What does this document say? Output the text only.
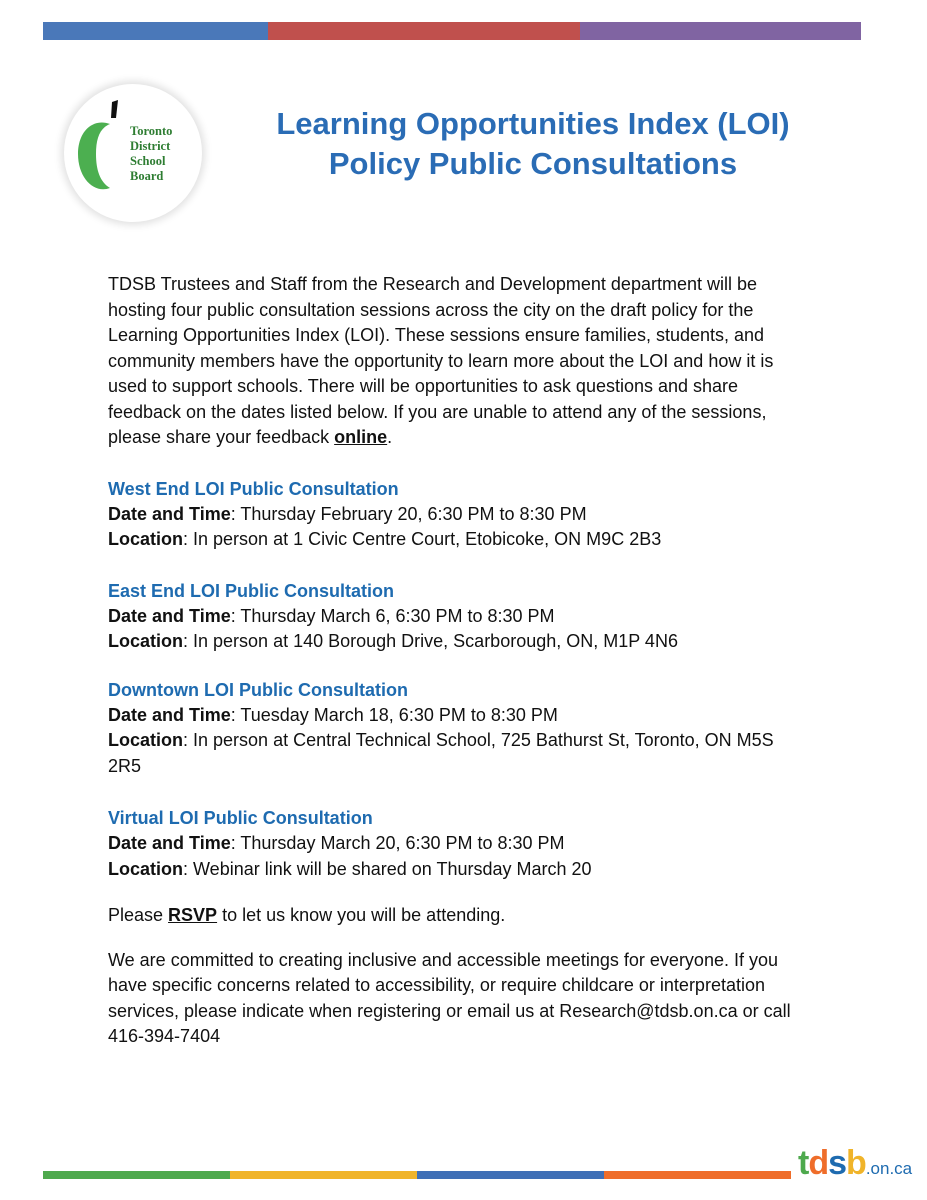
Toronto
District
School
Board
Learning Opportunities Index (LOI)
Policy Public Consultations

TDSB Trustees and Staff from the Research and Development department will be hosting four public consultation sessions across the city on the draft policy for the Learning Opportunities Index (LOI). These sessions ensure families, students, and community members have the opportunity to learn more about the LOI and how it is used to support schools. There will be opportunities to ask questions and share feedback on the dates listed below. If you are unable to attend any of the sessions, please share your feedback online.

West End LOI Public Consultation

Date and Time: Thursday February 20, 6:30 PM to 8:30 PM

Location: In person at 1 Civic Centre Court, Etobicoke, ON M9C 2B3

East End LOI Public Consultation

Date and Time: Thursday March 6, 6:30 PM to 8:30 PM

Location: In person at 140 Borough Drive, Scarborough, ON, M1P 4N6

Downtown LOI Public Consultation

Date and Time: Tuesday March 18, 6:30 PM to 8:30 PM

Location: In person at Central Technical School, 725 Bathurst St, Toronto, ON M5S 2R5

Virtual LOI Public Consultation

Date and Time: Thursday March 20, 6:30 PM to 8:30 PM

Location: Webinar link will be shared on Thursday March 20

Please RSVP to let us know you will be attending.

We are committed to creating inclusive and accessible meetings for everyone. If you have specific concerns related to accessibility, or require childcare or interpretation services, please indicate when registering or email us at Research@tdsb.on.ca or call 416-394-7404

tdsb.on.ca
